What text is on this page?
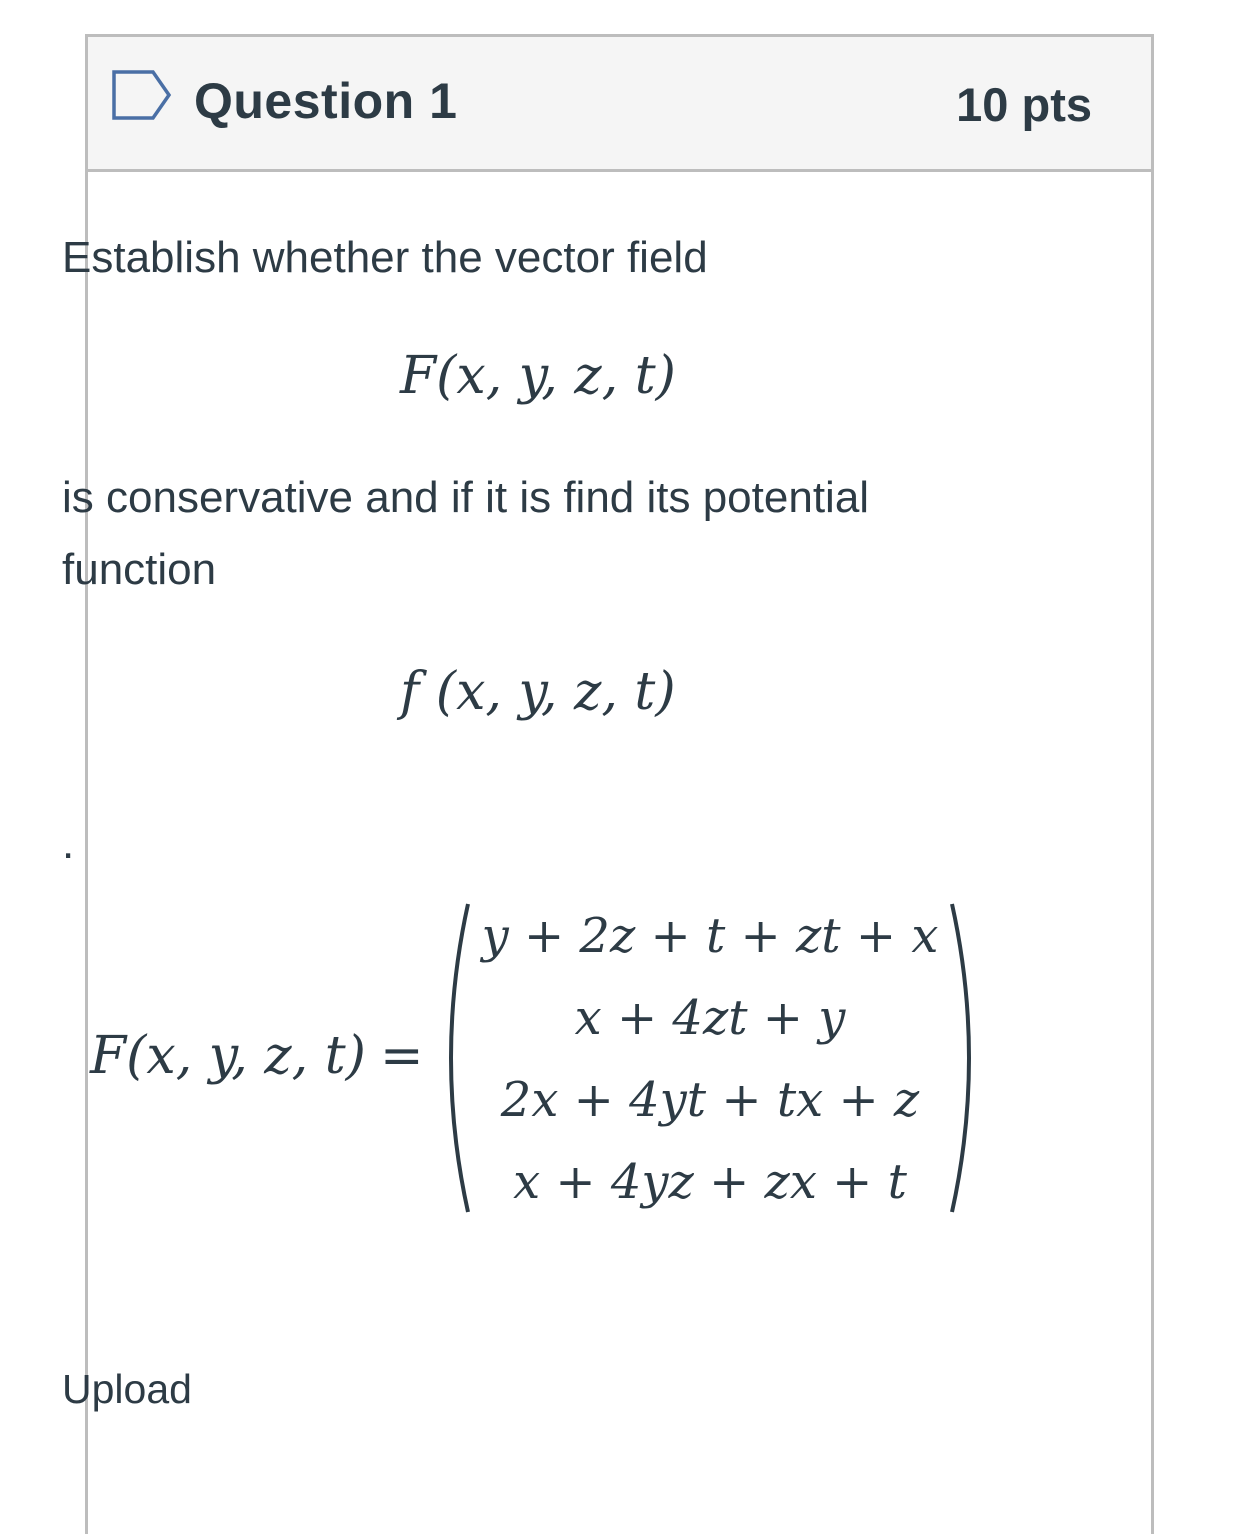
Question 1	10 pts

Establish whether the vector field

F(x, y, z, t)

is conservative and if it is find its potential function

f (x, y, z, t)

.

F(x, y, z, t) =
y + 2z + t + zt + x
x + 4zt + y
2x + 4yt + tx + z
x + 4yz + zx + t
Upload
